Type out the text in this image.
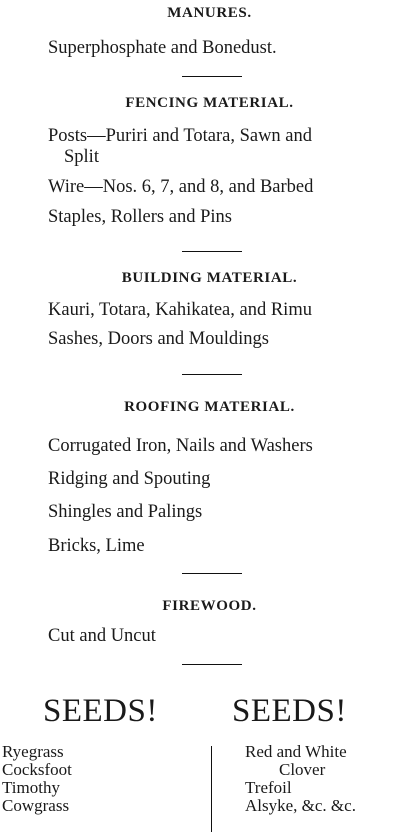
MANURES.
Superphosphate and Bonedust.
FENCING MATERIAL.
Posts—Puriri and Totara, Sawn and
Split
Wire—Nos. 6, 7, and 8, and Barbed
Staples, Rollers and Pins
BUILDING MATERIAL.
Kauri, Totara, Kahikatea, and Rimu
Sashes, Doors and Mouldings
ROOFING MATERIAL.
Corrugated Iron, Nails and Washers
Ridging and Spouting
Shingles and Palings
Bricks, Lime
FIREWOOD.
Cut and Uncut
SEEDS! SEEDS!
Ryegrass
Cocksfoot
Timothy
Cowgrass
Red and White
Clover
Trefoil
Alsyke, &c. &c.
